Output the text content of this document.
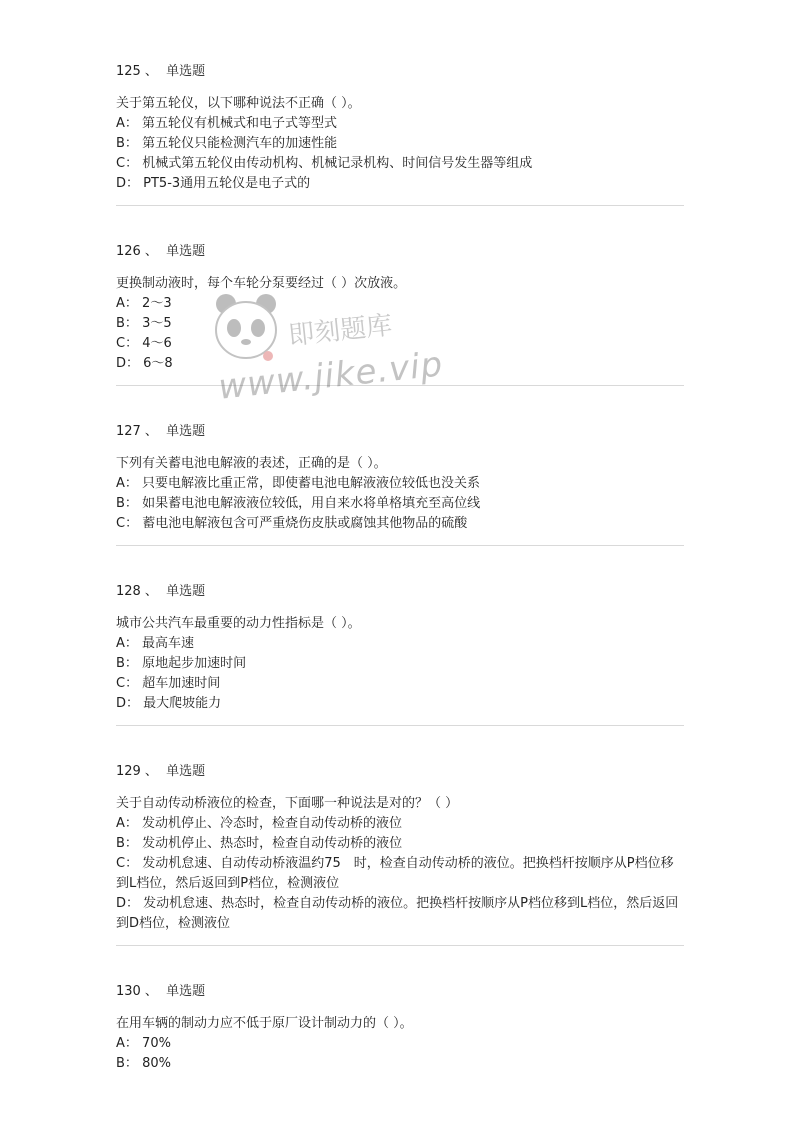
125 、 单选题
关于第五轮仪，以下哪种说法不正确（ ）。
A： 第五轮仪有机械式和电子式等型式
B： 第五轮仪只能检测汽车的加速性能
C： 机械式第五轮仪由传动机构、机械记录机构、时间信号发生器等组成
D： PT5-3通用五轮仪是电子式的
126 、 单选题
更换制动液时，每个车轮分泵要经过（ ）次放液。
A： 2～3
B： 3～5
C： 4～6
D： 6～8
127 、 单选题
下列有关蓄电池电解液的表述，正确的是（ ）。
A： 只要电解液比重正常，即使蓄电池电解液液位较低也没关系
B： 如果蓄电池电解液液位较低，用自来水将单格填充至高位线
C： 蓄电池电解液包含可严重烧伤皮肤或腐蚀其他物品的硫酸
128 、 单选题
城市公共汽车最重要的动力性指标是（ ）。
A： 最高车速
B： 原地起步加速时间
C： 超车加速时间
D： 最大爬坡能力
129 、 单选题
关于自动传动桥液位的检查，下面哪一种说法是对的？（ ）
A： 发动机停止、冷态时，检查自动传动桥的液位
B： 发动机停止、热态时，检查自动传动桥的液位
C： 发动机怠速、自动传动桥液温约75　时，检查自动传动桥的液位。把换档杆按顺序从P档位移到L档位，然后返回到P档位，检测液位
D： 发动机怠速、热态时，检查自动传动桥的液位。把换档杆按顺序从P档位移到L档位，然后返回到D档位，检测液位
130 、 单选题
在用车辆的制动力应不低于原厂设计制动力的（ ）。
A： 70%
B： 80%
即刻题库
www.jike.vip
